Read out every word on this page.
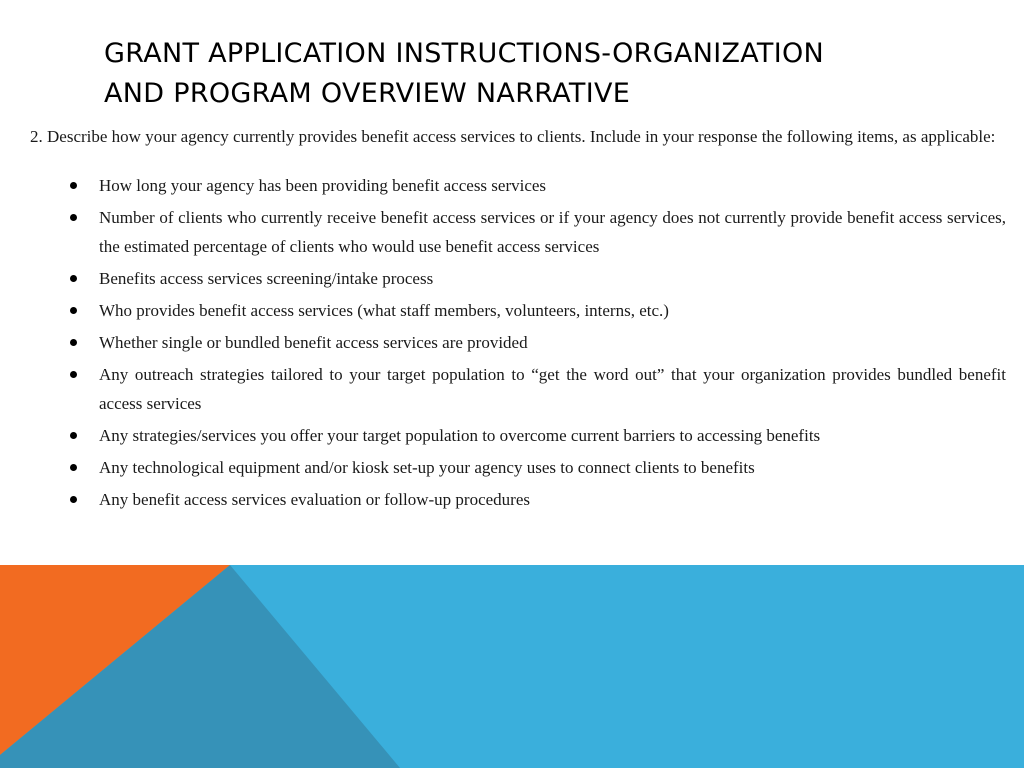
GRANT APPLICATION INSTRUCTIONS-ORGANIZATION
AND PROGRAM OVERVIEW NARRATIVE

2. Describe how your agency currently provides benefit access services to clients. Include in your response the following items, as applicable:

How long your agency has been providing benefit access services
Number of clients who currently receive benefit access services or if your agency does not currently provide benefit access services, the estimated percentage of clients who would use benefit access services
Benefits access services screening/intake process
Who provides benefit access services (what staff members, volunteers, interns, etc.)
Whether single or bundled benefit access services are provided
Any outreach strategies tailored to your target population to “get the word out” that your organization provides bundled benefit access services
Any strategies/services you offer your target population to overcome current barriers to accessing benefits
Any technological equipment and/or kiosk set-up your agency uses to connect clients to benefits
Any benefit access services evaluation or follow-up procedures
